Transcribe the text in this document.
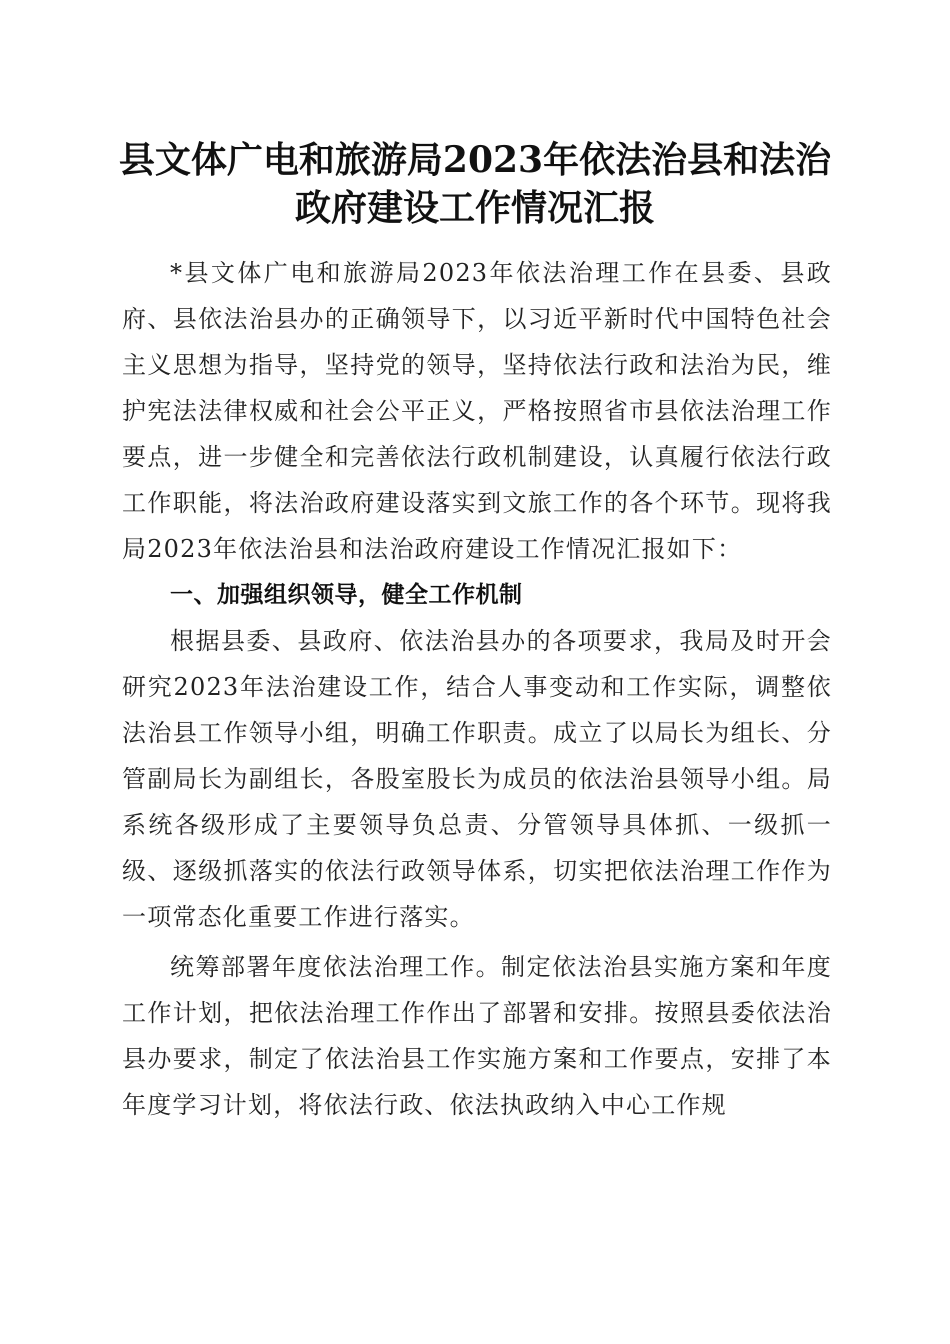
县文体广电和旅游局2023年依法治县和法治
政府建设工作情况汇报

*县文体广电和旅游局2023年依法治理工作在县委、县政府、县依法治县办的正确领导下，以习近平新时代中国特色社会主义思想为指导，坚持党的领导，坚持依法行政和法治为民，维护宪法法律权威和社会公平正义，严格按照省市县依法治理工作要点，进一步健全和完善依法行政机制建设，认真履行依法行政工作职能，将法治政府建设落实到文旅工作的各个环节。现将我局2023年依法治县和法治政府建设工作情况汇报如下：

一、加强组织领导，健全工作机制

根据县委、县政府、依法治县办的各项要求，我局及时开会研究2023年法治建设工作，结合人事变动和工作实际，调整依法治县工作领导小组，明确工作职责。成立了以局长为组长、分管副局长为副组长，各股室股长为成员的依法治县领导小组。局系统各级形成了主要领导负总责、分管领导具体抓、一级抓一级、逐级抓落实的依法行政领导体系，切实把依法治理工作作为一项常态化重要工作进行落实。

统筹部署年度依法治理工作。制定依法治县实施方案和年度工作计划，把依法治理工作作出了部署和安排。按照县委依法治县办要求，制定了依法治县工作实施方案和工作要点，安排了本年度学习计划，将依法行政、依法执政纳入中心工作规
